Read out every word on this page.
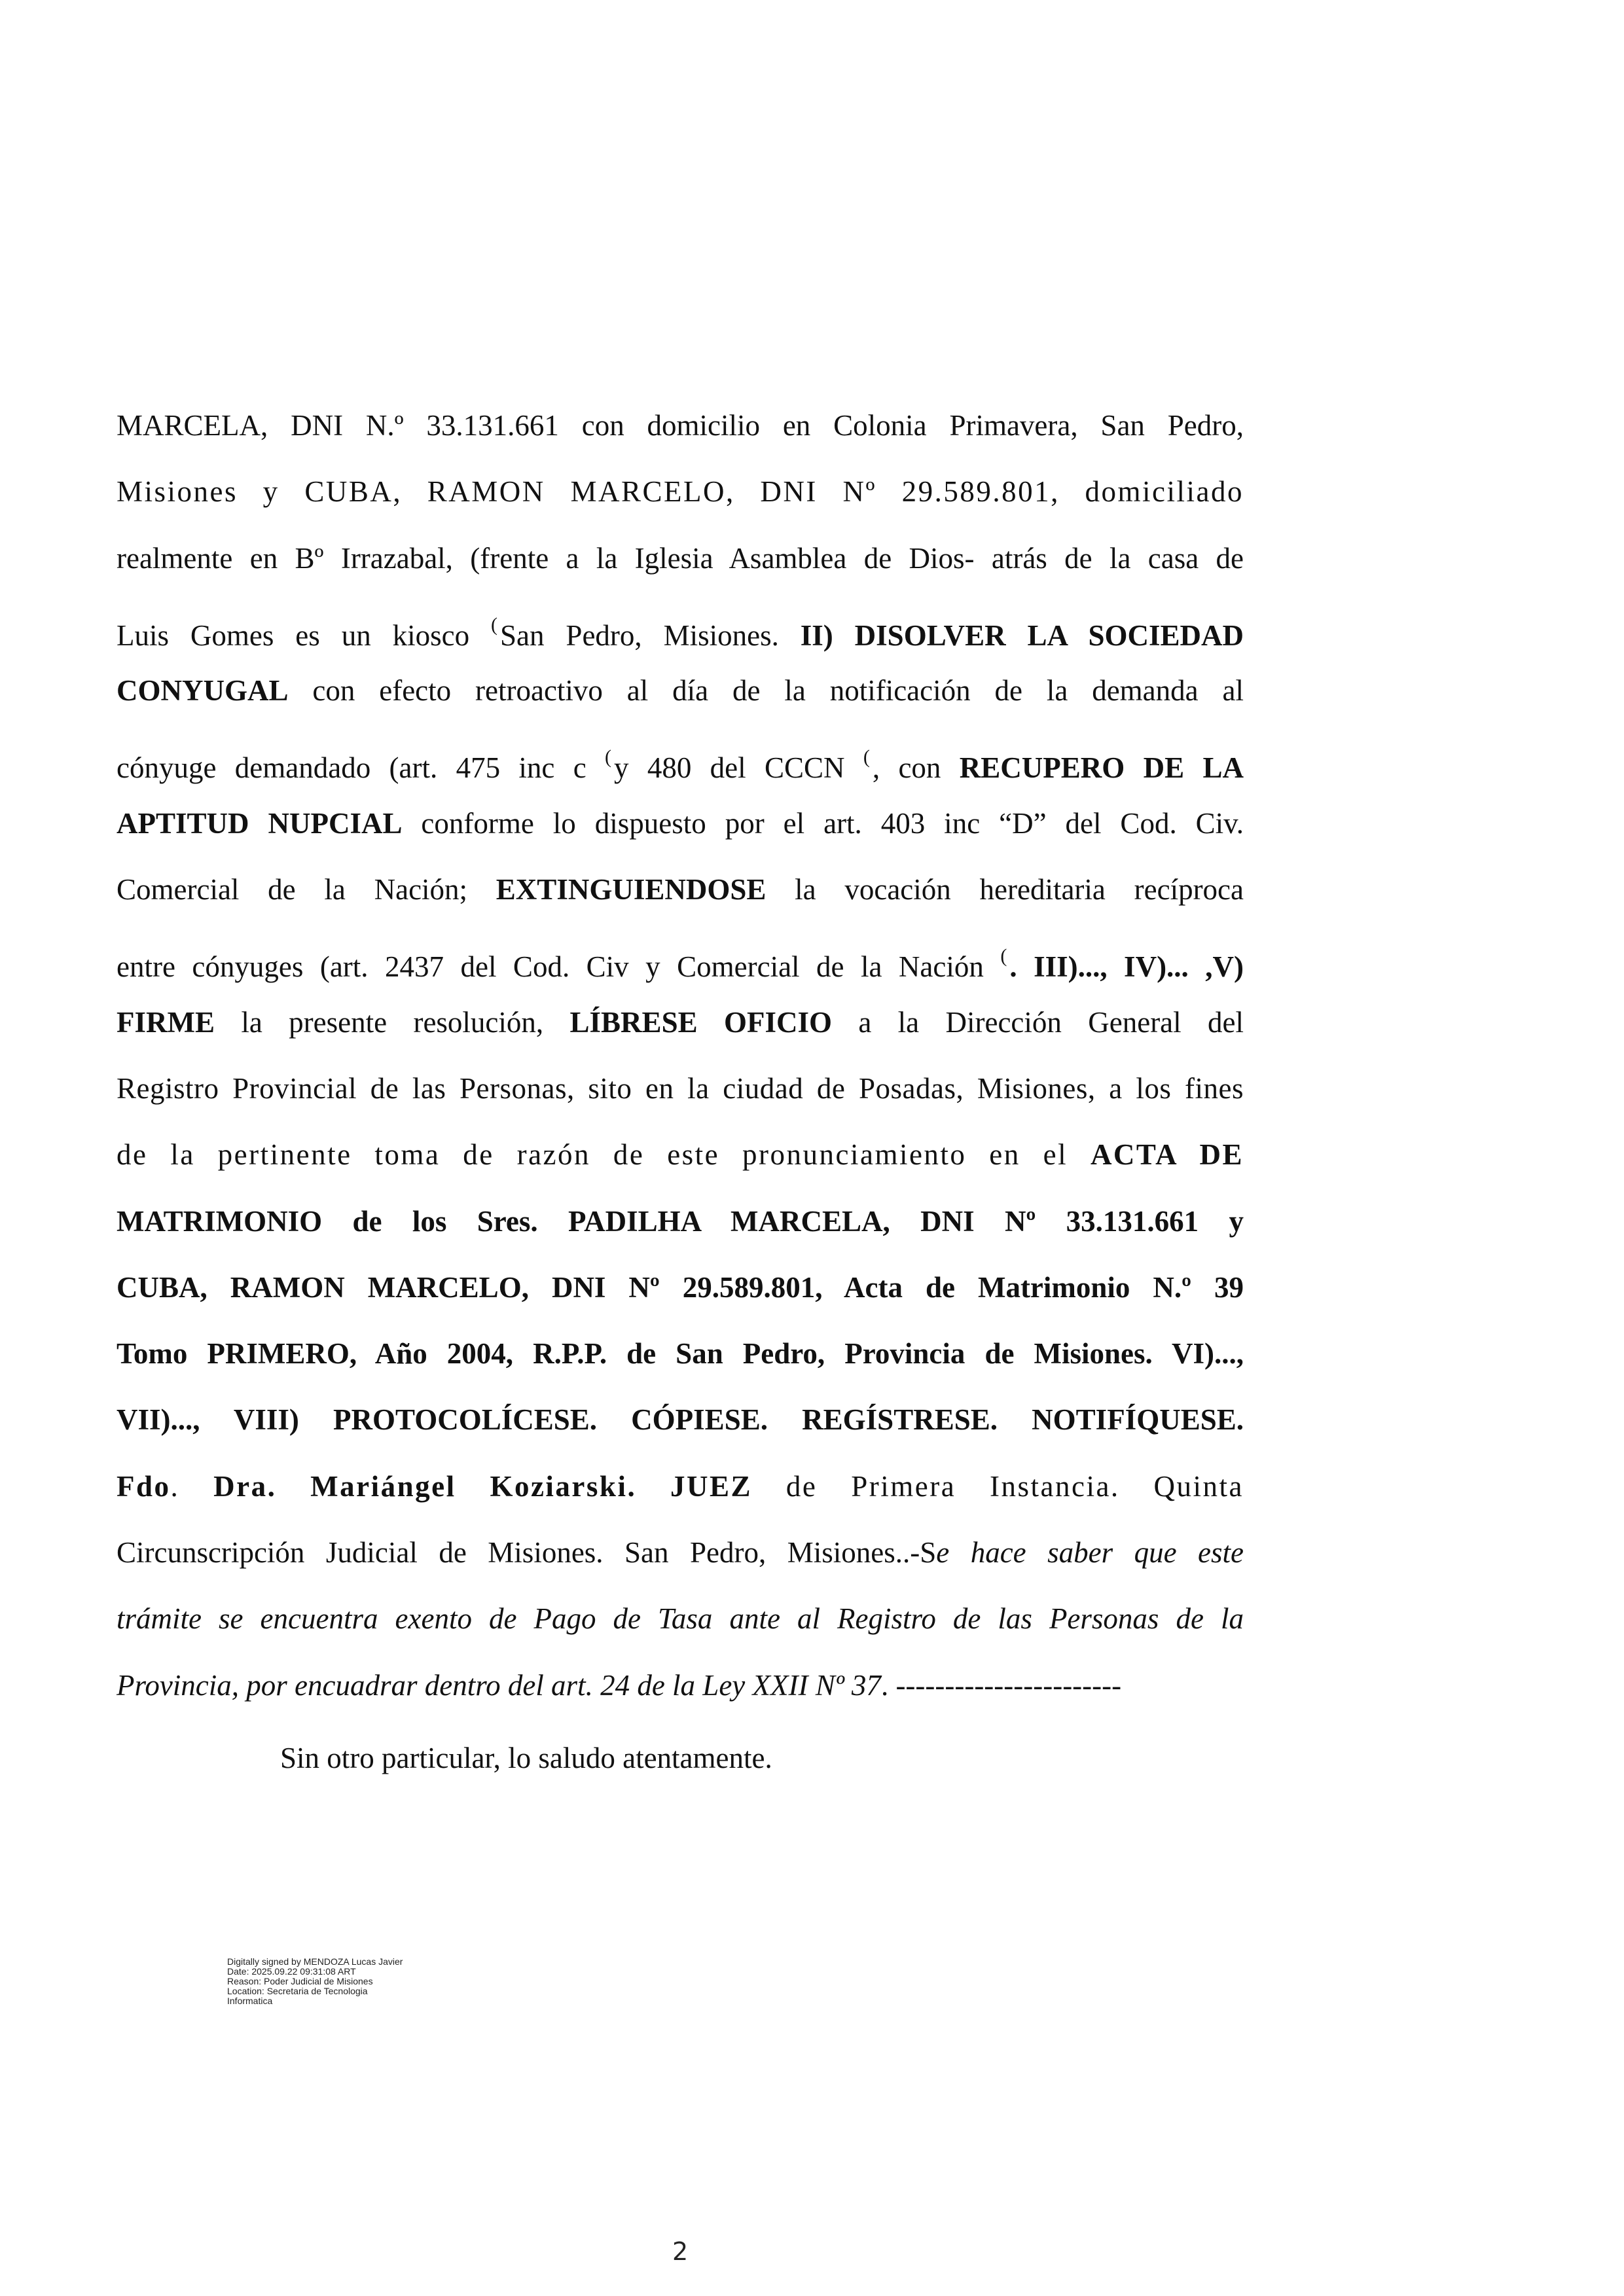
MARCELA, DNI N.º 33.131.661 con domicilio en Colonia Primavera, San Pedro,
Misiones y CUBA, RAMON MARCELO, DNI Nº 29.589.801, domiciliado
realmente en Bº Irrazabal, (frente a la Iglesia Asamblea de Dios- atrás de la casa de
Luis Gomes es un kiosco (San Pedro, Misiones. II) DISOLVER LA SOCIEDAD
CONYUGAL con efecto retroactivo al día de la notificación de la demanda al
cónyuge demandado (art. 475 inc c (y 480 del CCCN (, con RECUPERO DE LA
APTITUD NUPCIAL conforme lo dispuesto por el art. 403 inc “D” del Cod. Civ.
Comercial de la Nación; EXTINGUIENDOSE la vocación hereditaria recíproca
entre cónyuges (art. 2437 del Cod. Civ y Comercial de la Nación (. III)..., IV)... ,V)
FIRME la presente resolución, LÍBRESE OFICIO a la Dirección General del
Registro Provincial de las Personas, sito en la ciudad de Posadas, Misiones, a los fines
de la pertinente toma de razón de este pronunciamiento en el ACTA DE
MATRIMONIO de los Sres. PADILHA MARCELA, DNI Nº 33.131.661 y
CUBA, RAMON MARCELO, DNI Nº 29.589.801, Acta de Matrimonio N.º 39
Tomo PRIMERO, Año 2004, R.P.P. de San Pedro, Provincia de Misiones. VI)...,
VII)..., VIII) PROTOCOLÍCESE. CÓPIESE. REGÍSTRESE. NOTIFÍQUESE.
Fdo. Dra. Mariángel Koziarski. JUEZ de Primera Instancia. Quinta
Circunscripción Judicial de Misiones. San Pedro, Misiones..-Se hace saber que este
trámite se encuentra exento de Pago de Tasa ante al Registro de las Personas de la
Provincia, por encuadrar dentro del art. 24 de la Ley XXII Nº 37. -----------------------
Sin otro particular, lo saludo atentamente.
Digitally signed by MENDOZA Lucas Javier
Date: 2025.09.22 09:31:08 ART
Reason: Poder Judicial de Misiones
Location: Secretaria de Tecnologia
Informatica
2
